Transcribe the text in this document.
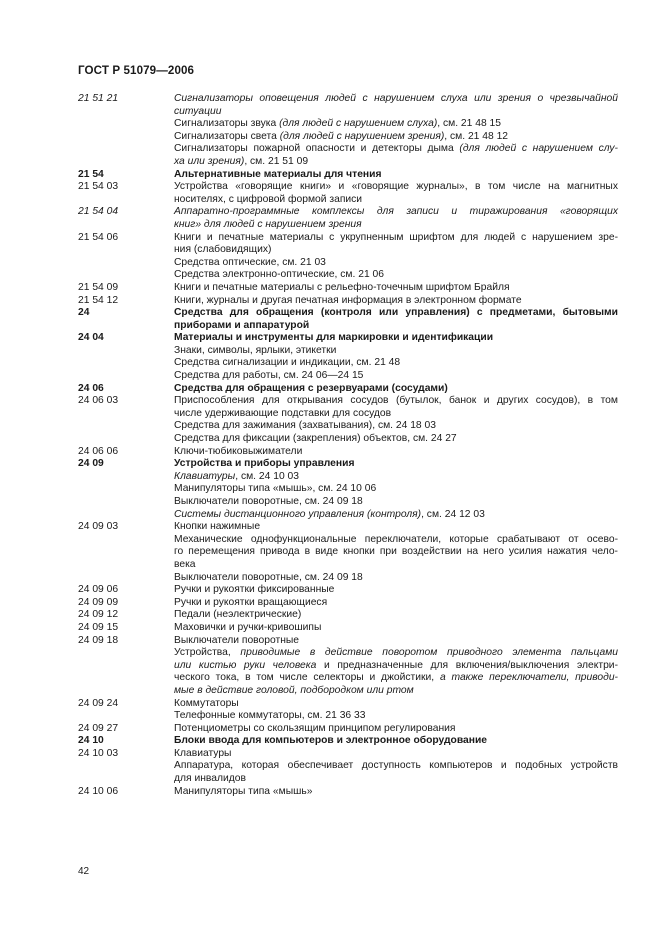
ГОСТ Р 51079—2006
21 51 21	Сигнализаторы оповещения людей с нарушением слуха или зрения о чрезвычайной
ситуации
Сигнализаторы звука (для людей с нарушением слуха), см. 21 48 15
Сигнализаторы света (для людей с нарушением зрения), см. 21 48 12
Сигнализаторы пожарной опасности и детекторы дыма (для людей с нарушением слу-
ха или зрения), см. 21 51 09
21 54	Альтернативные материалы для чтения
21 54 03	Устройства «говорящие книги» и «говорящие журналы», в том числе на магнитных
носителях, с цифровой формой записи
21 54 04	Аппаратно-программные комплексы для записи и тиражирования «говорящих
книг» для людей с нарушением зрения
21 54 06	Книги и печатные материалы с укрупненным шрифтом для людей с нарушением зре-
ния (слабовидящих)
Средства оптические, см. 21 03
Средства электронно-оптические, см. 21 06
21 54 09	Книги и печатные материалы с рельефно-точечным шрифтом Брайля
21 54 12	Книги, журналы и другая печатная информация в электронном формате
24	Средства для обращения (контроля или управления) с предметами, бытовыми
приборами и аппаратурой
24 04	Материалы и инструменты для маркировки и идентификации
Знаки, символы, ярлыки, этикетки
Средства сигнализации и индикации, см. 21 48
Средства для работы, см. 24 06—24 15
24 06	Средства для обращения с резервуарами (сосудами)
24 06 03	Приспособления для открывания сосудов (бутылок, банок и других сосудов), в том
числе удерживающие подставки для сосудов
Средства для зажимания (захватывания), см. 24 18 03
Средства для фиксации (закрепления) объектов, см. 24 27
24 06 06	Ключи-тюбиковыжиматели
24 09	Устройства и приборы управления
Клавиатуры, см. 24 10 03
Манипуляторы типа «мышь», см. 24 10 06
Выключатели поворотные, см. 24 09 18
Системы дистанционного управления (контроля), см. 24 12 03
24 09 03	Кнопки нажимные
Механические однофункциональные переключатели, которые срабатывают от осево-
го перемещения привода в виде кнопки при воздействии на него усилия нажатия чело-
века
Выключатели поворотные, см. 24 09 18
24 09 06	Ручки и рукоятки фиксированные
24 09 09	Ручки и рукоятки вращающиеся
24 09 12	Педали (неэлектрические)
24 09 15	Маховички и ручки-кривошипы
24 09 18	Выключатели поворотные
Устройства, приводимые в действие поворотом приводного элемента пальцами
или кистью руки человека и предназначенные для включения/выключения электри-
ческого тока, в том числе селекторы и джойстики, а также переключатели, приводи-
мые в действие головой, подбородком или ртом
24 09 24	Коммутаторы
Телефонные коммутаторы, см. 21 36 33
24 09 27	Потенциометры со скользящим принципом регулирования
24 10	Блоки ввода для компьютеров и электронное оборудование
24 10 03	Клавиатуры
Аппаратура, которая обеспечивает доступность компьютеров и подобных устройств
для инвалидов
24 10 06	Манипуляторы типа «мышь»
42
